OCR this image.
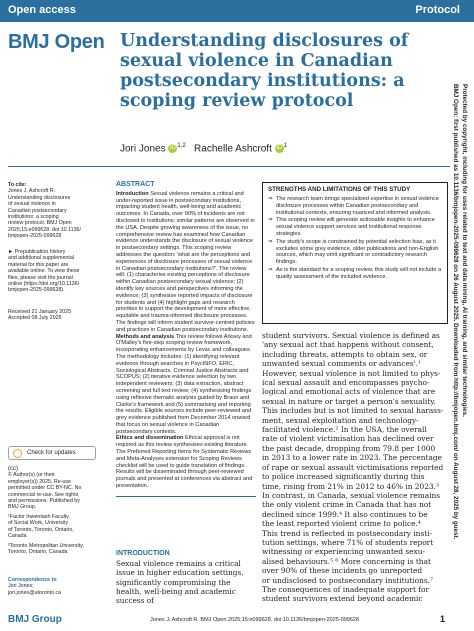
Open access	Protocol
BMJ Open Understanding disclosures of sexual violence in Canadian postsecondary institutions: a scoping review protocol
Jori Jones iD $^{1,2}$ Rachelle Ashcroft iD $^1$
To cite:
Jones J, Ashcroft R.
Understanding disclosures
of sexual violence in
Canadian postsecondary
institutions: a scoping
review protocol. BMJ Open
2025;15:e099628. doi:10.1136/
bmjopen-2025-099628
► Prepublication history
and additional supplemental
material for this paper are
available online. To view these
files, please visit the journal
online (https://doi.org/10.1136/
bmjopen-2025-099628).
Received 21 January 2025
Accepted 08 July 2025
Check for updates
(cc)
© Author(s) (or their
employer(s)) 2025. Re-use
permitted under CC BY-NC. No
commercial re-use. See rights
and permissions. Published by
BMJ Group.
¹Factor Inwentash Faculty
of Social Work, University
of Toronto, Toronto, Ontario,
Canada
²Toronto Metropolitan University,
Toronto, Ontario, Canada
Correspondence to
Jori Jones;
jori.jones@utoronto.ca
ABSTRACT

Introduction Sexual violence remains a critical and under-reported issue in postsecondary institutions, impacting student health, well-being and academic outcomes. In Canada, over 90% of incidents are not disclosed to institutions; similar patterns are observed in the USA. Despite growing awareness of the issue, no comprehensive review has examined how Canadian evidence understands the disclosure of sexual violence in postsecondary settings. This scoping review addresses the question: 'what are the perceptions and experiences of disclosure processes of sexual violence in Canadian postsecondary institutions?'. The review will: (1) characterise existing perceptions of disclosure within Canadian postsecondary sexual violence; (2) identify key sources and perspectives informing the evidence; (3) synthesise reported impacts of disclosure for students and (4) highlight gaps and research priorities to support the development of more effective, equitable and trauma-informed disclosure processes. The findings will inform student survivor-centred policies and practices in Canadian postsecondary institutions.

Methods and analysis This review follows Arksey and O'Malley's five-step scoping review framework, incorporating enhancements by Levac and colleagues. The methodology includes: (1) identifying relevant evidence through searches in PsycINFO, ERIC, Sociological Abstracts, Criminal Justice Abstracts and SCOPUS; (2) iterative evidence selection by two independent reviewers; (3) data extraction, abstract screening and full text review; (4) synthesising findings using reflexive thematic analysis guided by Braun and Clarke's framework and (5) summarising and reporting the results. Eligible sources include peer-reviewed and grey evidence published from December 2014 onward that focus on sexual violence in Canadian postsecondary contexts.

Ethics and dissemination Ethical approval is not required as this review synthesises existing literature. The Preferred Reporting Items for Systematic Reviews and Meta-Analyses extension for Scoping Reviews checklist will be used to guide translation of findings. Results will be disseminated through peer-reviewed journals and presented at conferences via abstract and presentation.

STRENGTHS AND LIMITATIONS OF THIS STUDY
⇒ The research team brings specialised expertise in sexual violence disclosure processes within Canadian postsecondary and institutional contexts, ensuring nuanced and informed analysis.
⇒ This scoping review will generate actionable insights to enhance sexual violence support services and institutional response strategies.
⇒ The study's scope is constrained by potential selection bias, as it excludes some grey evidence, older publications and non-English sources, which may omit significant or contradictory research findings.
⇒ As is the standard for a scoping review, this study will not include a quality assessment of the included evidence.
INTRODUCTION

Sexual violence remains a critical issue in higher education settings, significantly compromising the health, well-being and academic success of

student survivors. Sexual violence is defined as
'any sexual act that happens without consent,
including threats, attempts to obtain sex, or
unwanted sexual comments or advances'.¹
However, sexual violence is not limited to phys-
ical sexual assault and encompasses psycho-
logical and emotional acts of violence that are
sexual in nature or target a person's sexuality.
This includes but is not limited to sexual harass-
ment, sexual exploitation and technology-
facilitated violence.² In the USA, the overall
rate of violent victimisation has declined over
the past decade, dropping from 79.8 per 1000
in 2013 to a lower rate in 2023. The percentage
of rape or sexual assault victimisations reported
to police increased significantly during this
time, rising from 21% in 2012 to 46% in 2023.³
In contrast, in Canada, sexual violence remains
the only violent crime in Canada that has not
declined since 1999.⁴ It also continues to be
the least reported violent crime to police.⁴
This trend is reflected in postsecondary insti-
tution settings, where 71% of students report
witnessing or experiencing unwanted sexu-
alised behaviours.⁵ ⁶ More concerning is that
over 90% of these incidents go unreported
or undisclosed to postsecondary institutions.⁷
The consequences of inadequate support for
student survivors extend beyond academic
BMJ Open: first published as 10.1136/bmjopen-2025-099628 on 26 August 2025. Downloaded from http://bmjopen.bmj.com/ on August 28, 2025 by guest. Protected by copyright, including for uses related to text and data mining, AI training, and similar technologies.
BMJ Group	Jones J, Ashcroft R. BMJ Open 2025;15:e099628. doi:10.1136/bmjopen-2025-099628	1
